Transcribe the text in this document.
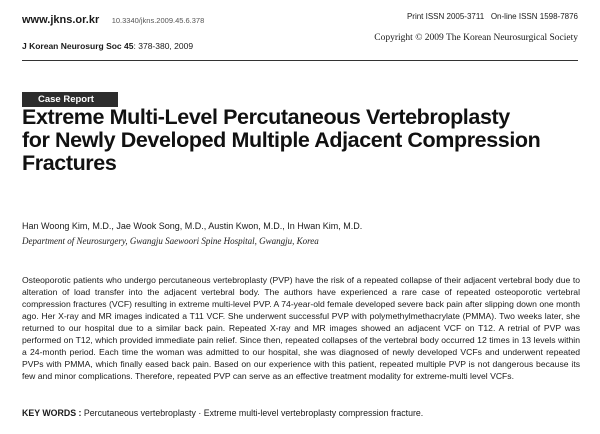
www.jkns.or.kr 10.3340/jkns.2009.45.6.378
J Korean Neurosurg Soc 45: 378-380, 2009
Print ISSN 2005-3711   On-line ISSN 1598-7876
Copyright © 2009 The Korean Neurosurgical Society
Case Report
Extreme Multi-Level Percutaneous Vertebroplasty for Newly Developed Multiple Adjacent Compression Fractures
Han Woong Kim, M.D., Jae Wook Song, M.D., Austin Kwon, M.D., In Hwan Kim, M.D.
Department of Neurosurgery, Gwangju Saewoori Spine Hospital, Gwangju, Korea
Osteoporotic patients who undergo percutaneous vertebroplasty (PVP) have the risk of a repeated collapse of their adjacent vertebral body due to alteration of load transfer into the adjacent vertebral body. The authors have experienced a rare case of repeated osteoporotic vertebral compression fractures (VCF) resulting in extreme multi-level PVP. A 74-year-old female developed severe back pain after slipping down one month ago. Her X-ray and MR images indicated a T11 VCF. She underwent successful PVP with polymethylmethacrylate (PMMA). Two weeks later, she returned to our hospital due to a similar back pain. Repeated X-ray and MR images showed an adjacent VCF on T12. A retrial of PVP was performed on T12, which provided immediate pain relief. Since then, repeated collapses of the vertebral body occurred 12 times in 13 levels within a 24-month period. Each time the woman was admitted to our hospital, she was diagnosed of newly developed VCFs and underwent repeated PVPs with PMMA, which finally eased back pain. Based on our experience with this patient, repeated multiple PVP is not dangerous because its few and minor complications. Therefore, repeated PVP can serve as an effective treatment modality for extreme-multi level VCFs.
KEY WORDS : Percutaneous vertebroplasty · Extreme multi-level vertebroplasty compression fracture.
